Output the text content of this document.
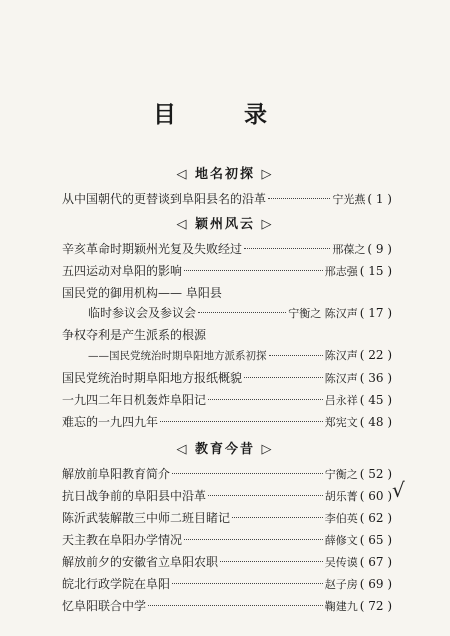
目 录
◁ 地名初探 ▷
从中国朝代的更替谈到阜阳县名的沿革	宁光燕 ( 1 )
◁ 颖州风云 ▷
辛亥革命时期颖州光复及失败经过	邢葆之 ( 9 )
五四运动对阜阳的影响	邢志强 ( 15 )
国民党的御用机构—— 阜阳县
临时参议会及参议会	宁衡之 陈汉声 ( 17 )
争权夺利是产生派系的根源
——国民党统治时期阜阳地方派系初探	陈汉声 ( 22 )
国民党统治时期阜阳地方报纸概貌	陈汉声 ( 36 )
一九四二年日机轰炸阜阳记	吕永祥 ( 45 )
难忘的一九四九年	郑宪文 ( 48 )
◁ 教育今昔 ▷
解放前阜阳教育简介	宁衡之 ( 52 )
抗日战争前的阜阳县中沿革	胡乐菁 ( 60 )
陈沂武装解散三中师二班目睹记	李伯英 ( 62 )
天主教在阜阳办学情况	薛修文 ( 65 )
解放前夕的安徽省立阜阳农职	吴传谟 ( 67 )
皖北行政学院在阜阳	赵子房 ( 69 )
忆阜阳联合中学	鞠建九 ( 72 )
√
